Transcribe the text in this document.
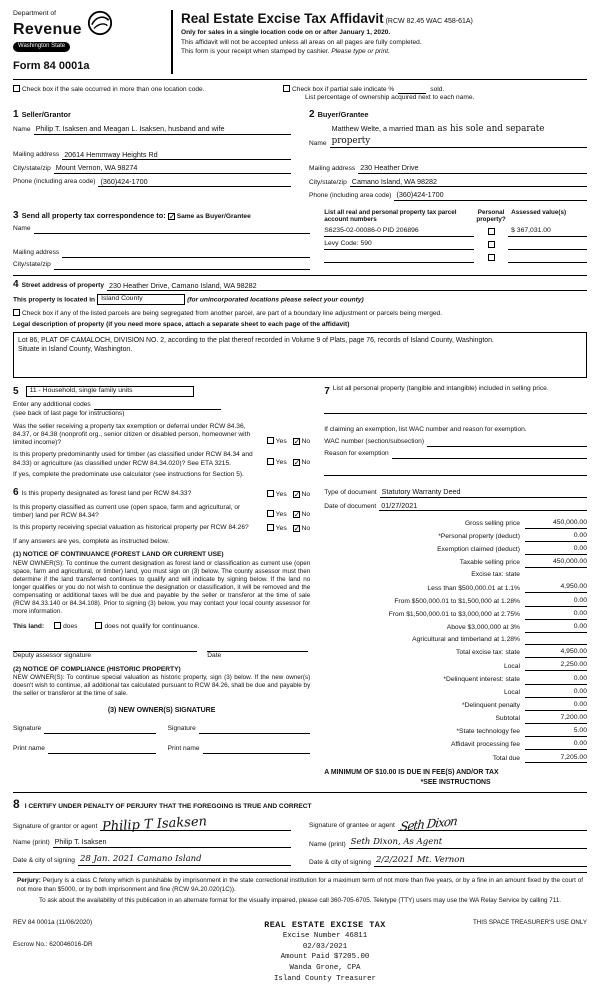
Department of
Revenue
Washington State
Form 84 0001a
Real Estate Excise Tax Affidavit (RCW 82.45 WAC 458-61A)
Only for sales in a single location code on or after January 1, 2020.
This affidavit will not be accepted unless all areas on all pages are fully completed.
This form is your receipt when stamped by cashier. Please type or print.
Check box if the sale occurred in more than one location code.	Check box if partial sale indicate %	sold.
List percentage of ownership acquired next to each name.
1 Seller/Grantor
Name Philip T. Isaksen and Meagan L. Isaksen, husband and wife
Mailing address 20614 Hemmway Heights Rd
City/state/zip Mount Vernon, WA 98274
Phone (including area code) (360)424-1700
2 Buyer/Grantee
Name
Matthew Welte, a married man as his sole and separate property
Mailing address 230 Heather Drive
City/state/zip Camano Island, WA 98282
Phone (including area code) (360)424-1700
3 Send all property tax correspondence to: ✓ Same as Buyer/Grantee
Name
Mailing address
City/state/zip
List all real and personal property tax parcel account numbers
Personal property?
Assessed value(s)
S6235-02-00086-0 PID 206896	$ 367,031.00
Levy Code: 590
4 Street address of property 230 Heather Drive, Camano Island, WA 98282
This property is located in Island County	(for unincorporated locations please select your county)
Check box if any of the listed parcels are being segregated from another parcel, are part of a boundary line adjustment or parcels being merged.
Legal description of property (if you need more space, attach a separate sheet to each page of the affidavit)
Lot 86, PLAT OF CAMALOCH, DIVISION NO. 2, according to the plat thereof recorded in Volume 9 of Plats, page 76, records of Island County, Washington.
Situate in Island County, Washington.
5 11 - Household, single family units
Enter any additional codes
(see back of last page for instructions)
Was the seller receiving a property tax exemption or deferral under RCW 84.36, 84.37, or 84.38 (nonprofit org., senior citizen or disabled person, homeowner with limited income)?	Yes ✓ No
Is this property predominantly used for timber (as classified under RCW 84.34 and 84.33) or agriculture (as classified under RCW 84.34.020)? See ETA 3215.	Yes ✓ No
If yes, complete the predominate use calculator (see instructions for Section 5).
7 List all personal property (tangible and intangible) included in selling price.
If claiming an exemption, list WAC number and reason for exemption.
WAC number (section/subsection)
Reason for exemption
6 Is this property designated as forest land per RCW 84.33?	Yes ✓ No
Is this property classified as current use (open space, farm and agricultural, or timber) land per RCW 84.34?	Yes ✓ No
Is this property receiving special valuation as historical property per RCW 84.26?	Yes ✓ No
If any answers are yes, complete as instructed below.
(1) NOTICE OF CONTINUANCE (FOREST LAND OR CURRENT USE)
NEW OWNER(S): To continue the current designation as forest land or classification as current use (open space, farm and agricultural, or timber) land, you must sign on (3) below. The county assessor must then determine if the land transferred continues to qualify and will indicate by signing below. If the land no longer qualifies or you do not wish to continue the designation or classification, it will be removed and the compensating or additional taxes will be due and payable by the seller or transferor at the time of sale (RCW 84.33.140 or 84.34.108). Prior to signing (3) below, you may contact your local county assessor for more information.
This land:	does	does not qualify for continuance.
Deputy assessor signature	Date
(2) NOTICE OF COMPLIANCE (HISTORIC PROPERTY)
NEW OWNER(S): To continue special valuation as historic property, sign (3) below. If the new owner(s) doesn't wish to continue, all additional tax calculated pursuant to RCW 84.26, shall be due and payable by the seller or transferor at the time of sale.
(3) NEW OWNER(S) SIGNATURE
Signature	Signature
Print name	Print name
Type of document Statutory Warranty Deed
Date of document 01/27/2021
Gross selling price	450,000.00
*Personal property (deduct)	0.00
Exemption claimed (deduct)	0.00
Taxable selling price	450,000.00
Excise tax: state
Less than $500,000.01 at 1.1%	4,950.00
From $500,000.01 to $1,500,000 at 1.28%	0.00
From $1,500,000.01 to $3,000,000 at 2.75%	0.00
Above $3,000,000 at 3%	0.00
Agricultural and timberland at 1.28%
Total excise tax: state	4,950.00
Local	2,250.00
*Delinquent interest: state	0.00
Local	0.00
*Delinquent penalty	0.00
Subtotal	7,200.00
*State technology fee	5.00
Affidavit processing fee	0.00
Total due	7,205.00
A MINIMUM OF $10.00 IS DUE IN FEE(S) AND/OR TAX
*SEE INSTRUCTIONS
8 I CERTIFY UNDER PENALTY OF PERJURY THAT THE FOREGOING IS TRUE AND CORRECT
Signature of grantor or agent Philip T Isaksen
Name (print) Philip T. Isaksen
Date & city of signing 28 Jan. 2021 Camano Island
Signature of grantee or agent Seth Dixon
Name (print) Seth Dixon, As Agent
Date & city of signing 2/2/2021 Mt. Vernon
Perjury: Perjury is a class C felony which is punishable by imprisonment in the state correctional institution for a maximum term of not more than five years, or by a fine in an amount fixed by the court of not more than $5000, or by both imprisonment and fine (RCW 9A.20.020(1C)).
To ask about the availability of this publication in an alternate format for the visually impaired, please call 360-705-6705. Teletype (TTY) users may use the WA Relay Service by calling 711.
REV 84 0001a (11/06/2020)
Escrow No.: 620046016-DR
REAL ESTATE EXCISE TAX
Excise Number 46811
02/03/2021
Amount Paid $7205.00
Wanda Grone, CPA
Island County Treasurer
THIS SPACE TREASURER'S USE ONLY
